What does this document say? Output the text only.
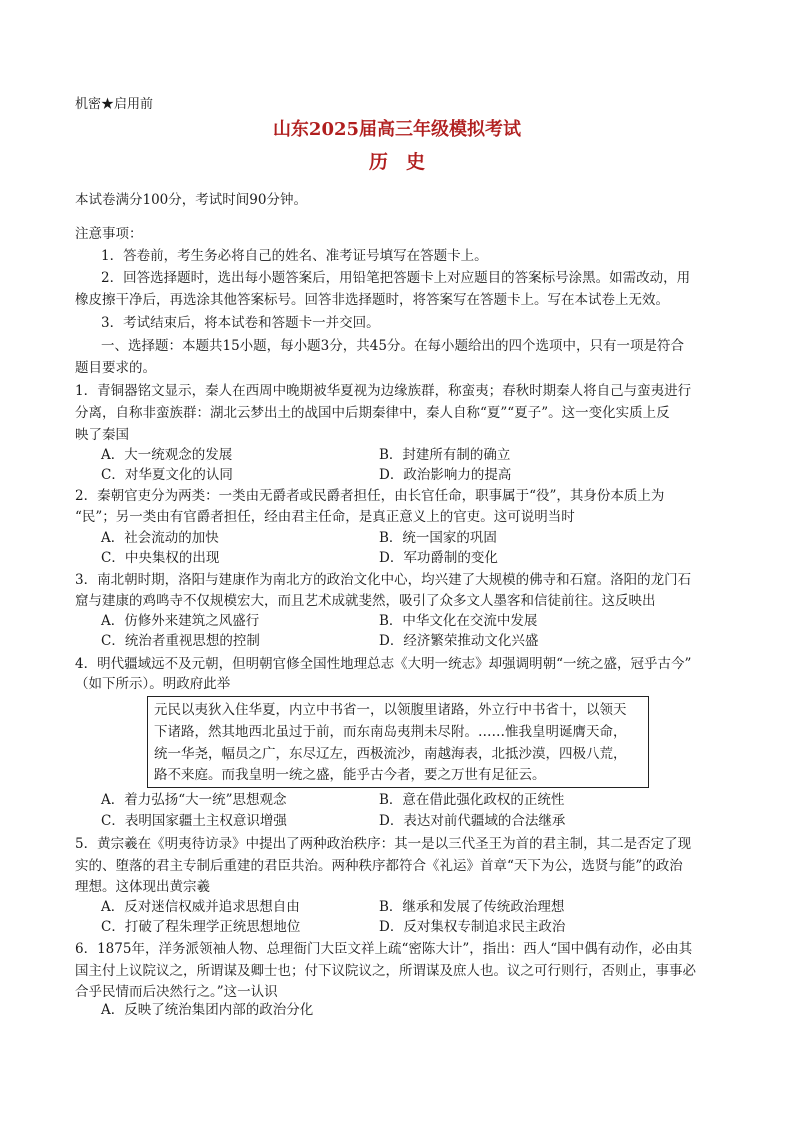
机密★启用前
山东2025届高三年级模拟考试
历史
本试卷满分100分，考试时间90分钟。
注意事项：
1．答卷前，考生务必将自己的姓名、准考证号填写在答题卡上。
2．回答选择题时，选出每小题答案后，用铅笔把答题卡上对应题目的答案标号涂黑。如需改动，用
橡皮擦干净后，再选涂其他答案标号。回答非选择题时，将答案写在答题卡上。写在本试卷上无效。
3．考试结束后，将本试卷和答题卡一并交回。
一、选择题：本题共15小题，每小题3分，共45分。在每小题给出的四个选项中，只有一项是符合
题目要求的。
1．青铜器铭文显示，秦人在西周中晚期被华夏视为边缘族群，称蛮夷；春秋时期秦人将自己与蛮夷进行
分离，自称非蛮族群：湖北云梦出土的战国中后期秦律中，秦人自称“夏”“夏子”。这一变化实质上反
映了秦国
A．大一统观念的发展	B．封建所有制的确立
C．对华夏文化的认同	D．政治影响力的提高
2．秦朝官吏分为两类：一类由无爵者或民爵者担任，由长官任命，职事属于“役”，其身份本质上为
“民”；另一类由有官爵者担任，经由君主任命，是真正意义上的官吏。这可说明当时
A．社会流动的加快	B．统一国家的巩固
C．中央集权的出现	D．军功爵制的变化
3．南北朝时期，洛阳与建康作为南北方的政治文化中心，均兴建了大规模的佛寺和石窟。洛阳的龙门石
窟与建康的鸡鸣寺不仅规模宏大，而且艺术成就斐然，吸引了众多文人墨客和信徒前往。这反映出
A．仿修外来建筑之风盛行	B．中华文化在交流中发展
C．统治者重视思想的控制	D．经济繁荣推动文化兴盛
4．明代疆域远不及元朝，但明朝官修全国性地理总志《大明一统志》却强调明朝“一统之盛，冠乎古今”
（如下所示）。明政府此举
元民以夷狄入住华夏，内立中书省一，以领腹里诸路，外立行中书省十，以领天
下诸路，然其地西北虽过于前，而东南岛夷荆未尽附。……惟我皇明诞膺天命，
统一华尧，幅员之广，东尽辽左，西极流沙，南越海表，北抵沙漠，四极八荒，
路不来庭。而我皇明一统之盛，能乎古今者，要之万世有足征云。
A．着力弘扬“大一统”思想观念	B．意在借此强化政权的正统性
C．表明国家疆土主权意识增强	D．表达对前代疆域的合法继承
5．黄宗羲在《明夷待访录》中提出了两种政治秩序：其一是以三代圣王为首的君主制，其二是否定了现
实的、堕落的君主专制后重建的君臣共治。两种秩序都符合《礼运》首章“天下为公，选贤与能”的政治
理想。这体现出黄宗羲
A．反对迷信权威并追求思想自由	B．继承和发展了传统政治理想
C．打破了程朱理学正统思想地位	D．反对集权专制追求民主政治
6．1875年，洋务派领袖人物、总理衙门大臣文祥上疏“密陈大计”，指出：西人“国中偶有动作，必由其
国主付上议院议之，所谓谋及卿士也；付下议院议之，所谓谋及庶人也。议之可行则行，否则止，事事必
合乎民情而后决然行之。”这一认识
A．反映了统治集团内部的政治分化
